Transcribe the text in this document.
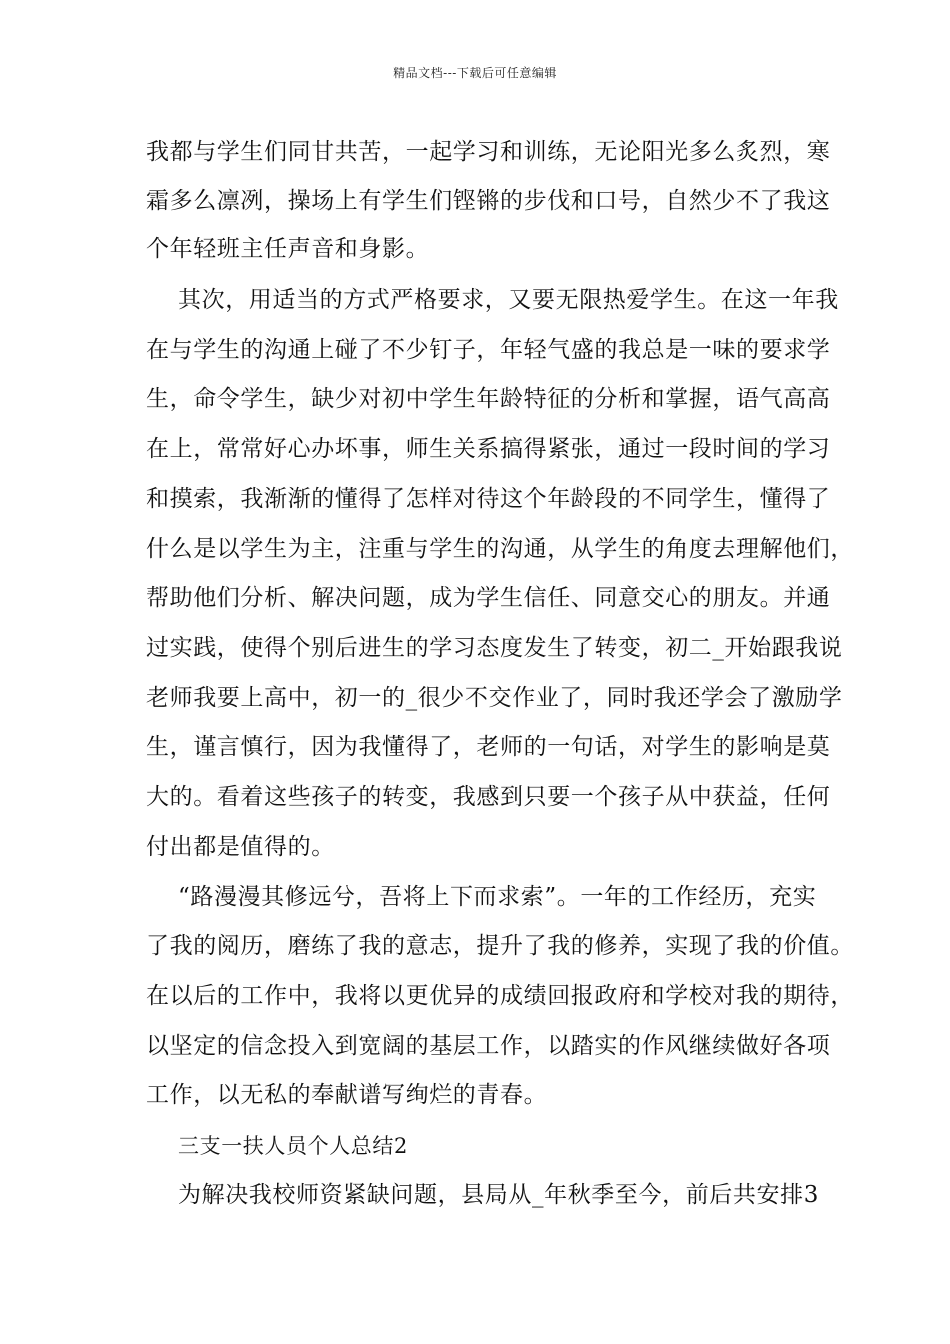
精品文档---下载后可任意编辑
我都与学生们同甘共苦，一起学习和训练，无论阳光多么炙烈，寒
霜多么凛冽，操场上有学生们铿锵的步伐和口号，自然少不了我这
个年轻班主任声音和身影。
其次，用适当的方式严格要求，又要无限热爱学生。在这一年我
在与学生的沟通上碰了不少钉子，年轻气盛的我总是一味的要求学
生，命令学生，缺少对初中学生年龄特征的分析和掌握，语气高高
在上，常常好心办坏事，师生关系搞得紧张，通过一段时间的学习
和摸索，我渐渐的懂得了怎样对待这个年龄段的不同学生，懂得了
什么是以学生为主，注重与学生的沟通，从学生的角度去理解他们，
帮助他们分析、解决问题，成为学生信任、同意交心的朋友。并通
过实践，使得个别后进生的学习态度发生了转变，初二_开始跟我说
老师我要上高中，初一的_很少不交作业了，同时我还学会了激励学
生，谨言慎行，因为我懂得了，老师的一句话，对学生的影响是莫
大的。看着这些孩子的转变，我感到只要一个孩子从中获益，任何
付出都是值得的。
“路漫漫其修远兮，吾将上下而求索”。一年的工作经历，充实
了我的阅历，磨练了我的意志，提升了我的修养，实现了我的价值。
在以后的工作中，我将以更优异的成绩回报政府和学校对我的期待，
以坚定的信念投入到宽阔的基层工作，以踏实的作风继续做好各项
工作，以无私的奉献谱写绚烂的青春。
三支一扶人员个人总结2
为解决我校师资紧缺问题，县局从_年秋季至今，前后共安排3
